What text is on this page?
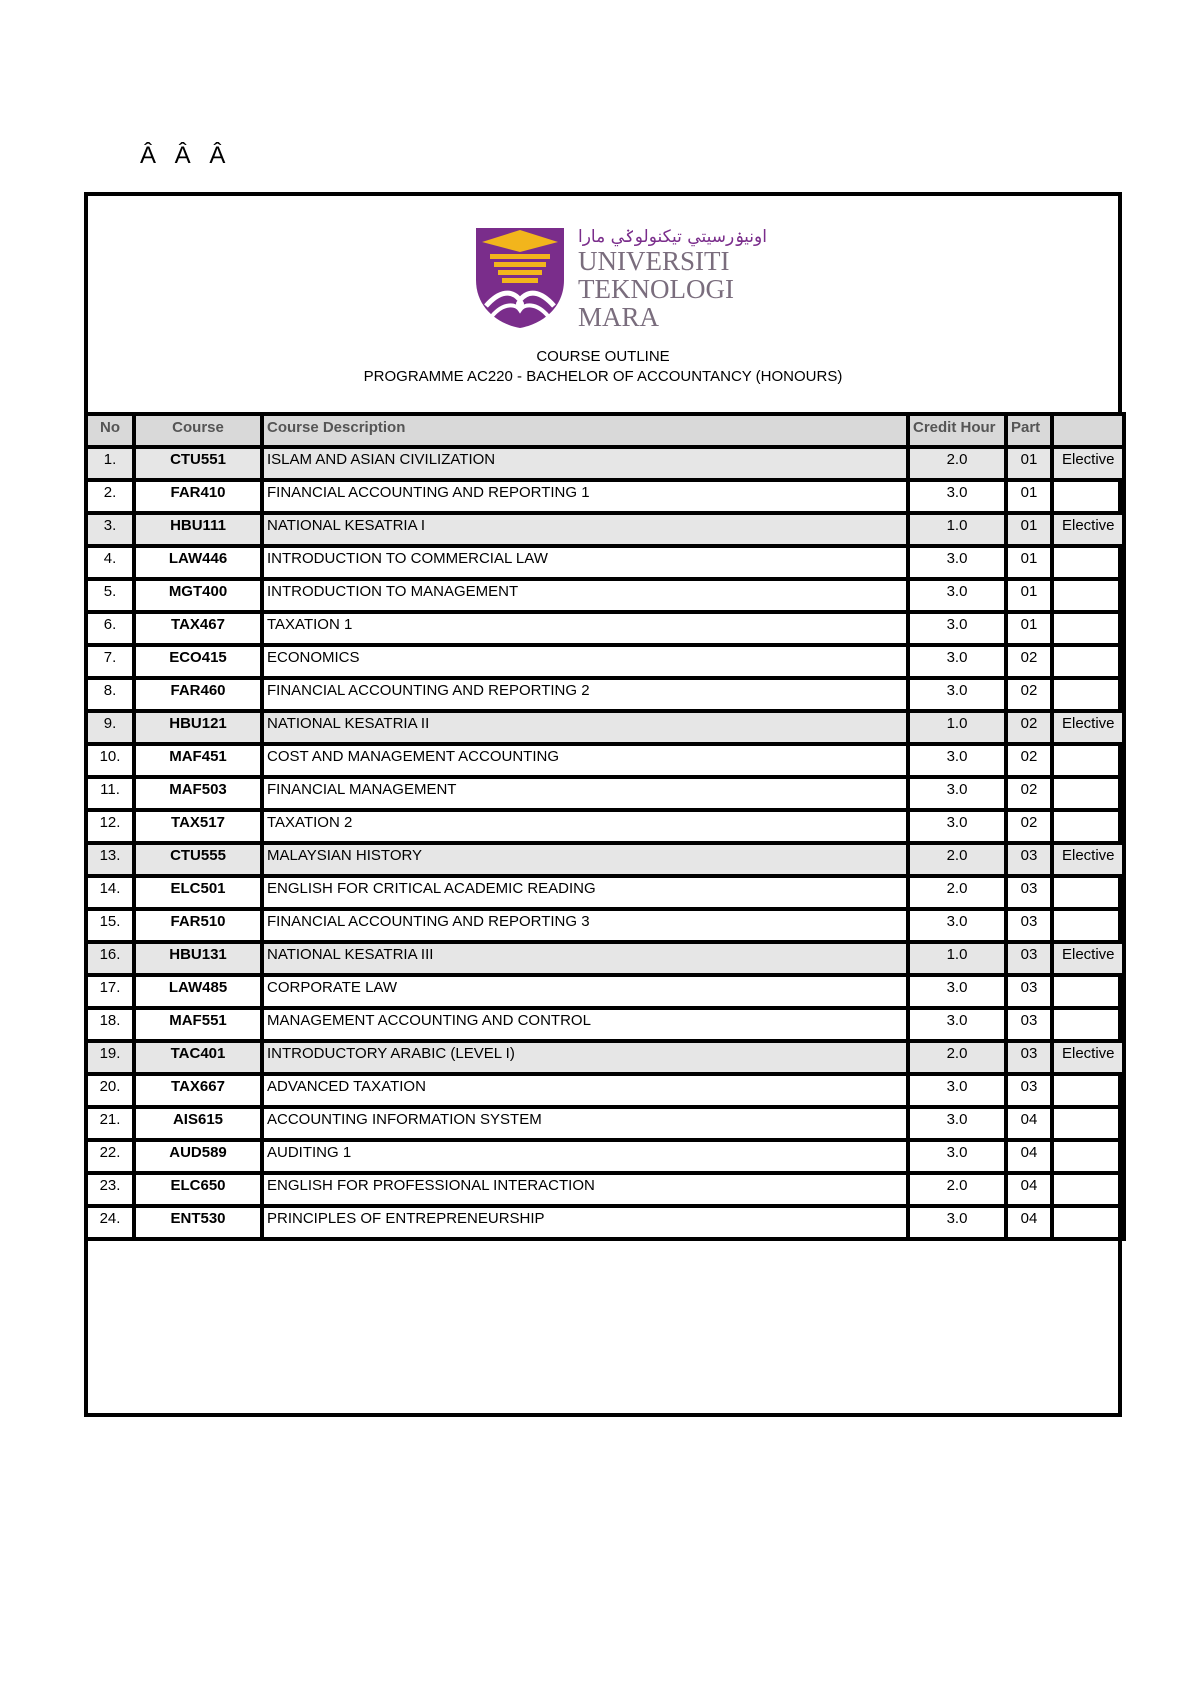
Â Â Â
اونيۏرسيتي تيكنولوݢي مارا
UNIVERSITI
TEKNOLOGI
MARA
COURSE OUTLINE
PROGRAMME AC220 - BACHELOR OF ACCOUNTANCY (HONOURS)
No	Course	Course Description	Credit Hour	Part	
1.	CTU551	ISLAM AND ASIAN CIVILIZATION	2.0	01	Elective
2.	FAR410	FINANCIAL ACCOUNTING AND REPORTING 1	3.0	01	
3.	HBU111	NATIONAL KESATRIA I	1.0	01	Elective
4.	LAW446	INTRODUCTION TO COMMERCIAL LAW	3.0	01	
5.	MGT400	INTRODUCTION TO MANAGEMENT	3.0	01	
6.	TAX467	TAXATION 1	3.0	01	
7.	ECO415	ECONOMICS	3.0	02	
8.	FAR460	FINANCIAL ACCOUNTING AND REPORTING 2	3.0	02	
9.	HBU121	NATIONAL KESATRIA II	1.0	02	Elective
10.	MAF451	COST AND MANAGEMENT ACCOUNTING	3.0	02	
11.	MAF503	FINANCIAL MANAGEMENT	3.0	02	
12.	TAX517	TAXATION 2	3.0	02	
13.	CTU555	MALAYSIAN HISTORY	2.0	03	Elective
14.	ELC501	ENGLISH FOR CRITICAL ACADEMIC READING	2.0	03	
15.	FAR510	FINANCIAL ACCOUNTING AND REPORTING 3	3.0	03	
16.	HBU131	NATIONAL KESATRIA III	1.0	03	Elective
17.	LAW485	CORPORATE LAW	3.0	03	
18.	MAF551	MANAGEMENT ACCOUNTING AND CONTROL	3.0	03	
19.	TAC401	INTRODUCTORY ARABIC (LEVEL I)	2.0	03	Elective
20.	TAX667	ADVANCED TAXATION	3.0	03	
21.	AIS615	ACCOUNTING INFORMATION SYSTEM	3.0	04	
22.	AUD589	AUDITING 1	3.0	04	
23.	ELC650	ENGLISH FOR PROFESSIONAL INTERACTION	2.0	04	
24.	ENT530	PRINCIPLES OF ENTREPRENEURSHIP	3.0	04	
